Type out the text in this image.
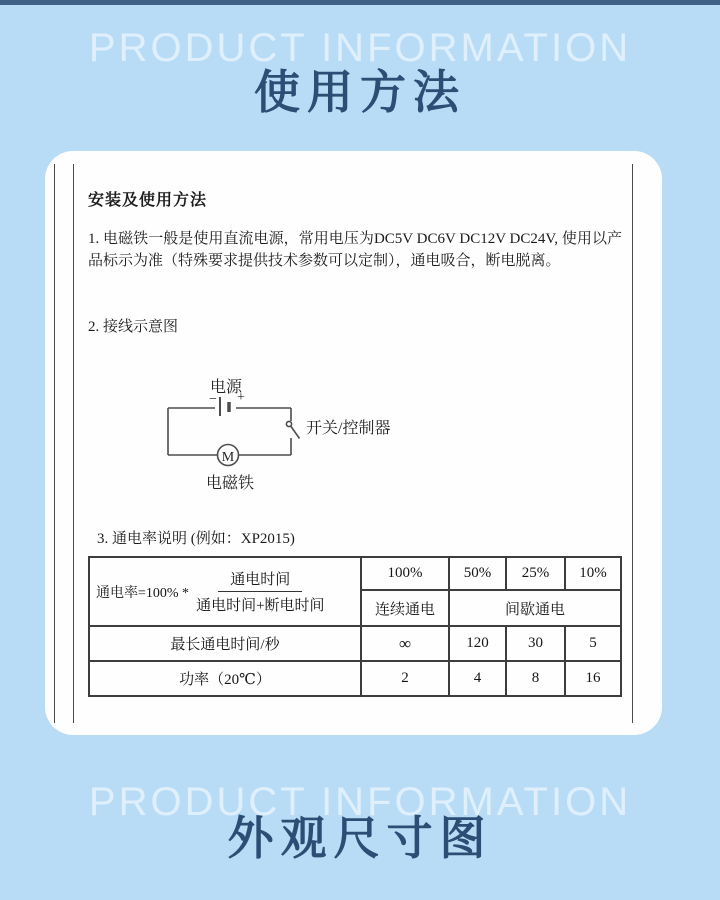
PRODUCT INFORMATION
使用方法
安装及使用方法
1. 电磁铁一般是使用直流电源，常用电压为DC5V DC6V DC12V DC24V, 使用以产品标示为准（特殊要求提供技术参数可以定制），通电吸合，断电脱离。
2. 接线示意图
电源
− +
M
开关/控制器
电磁铁
3. 通电率说明 (例如：XP2015)
通电率$=100\% * \frac{\text{通电时间}}{\text{通电时间+断电时间}}$	100%	50%	25%	10%
	连续通电	间歇通电		
最长通电时间/秒	∞	120	30	5
功率（20℃）	2	4	8	16
PRODUCT INFORMATION
外观尺寸图
